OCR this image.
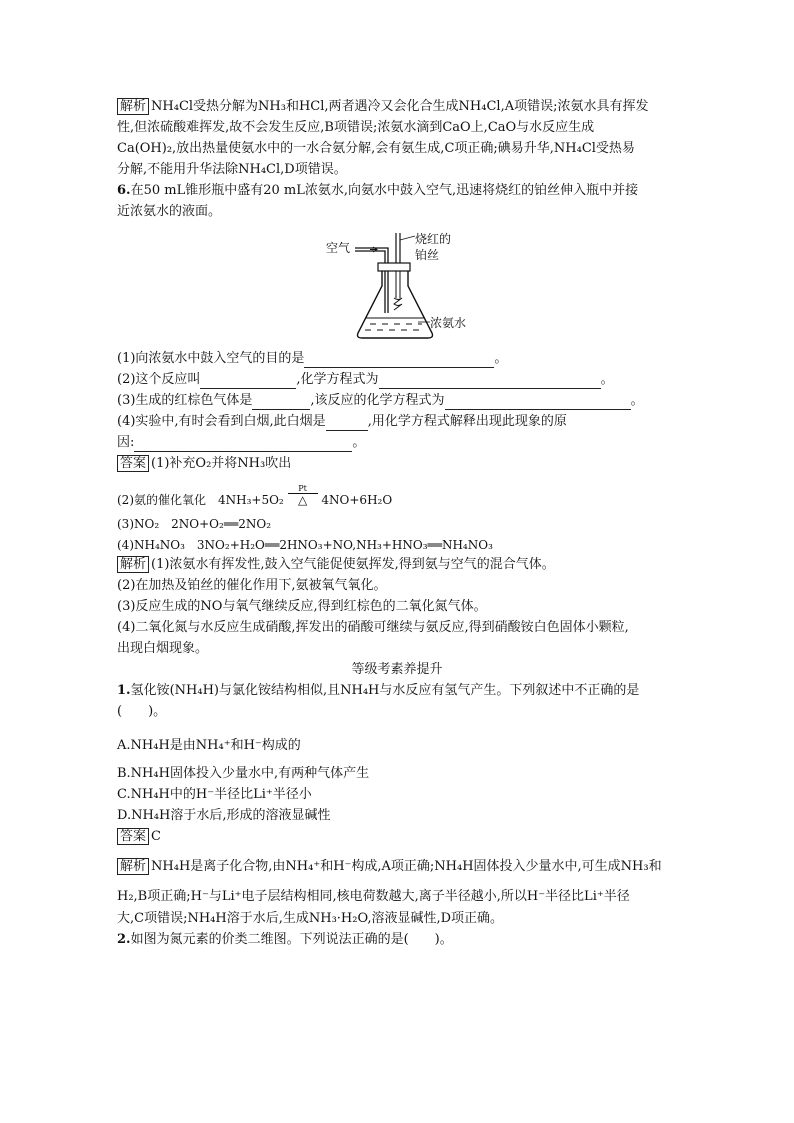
解析 NH₄Cl受热分解为NH₃和HCl,两者遇冷又会化合生成NH₄Cl,A项错误;浓氨水具有挥发
性,但浓硫酸难挥发,故不会发生反应,B项错误;浓氨水滴到CaO上,CaO与水反应生成
Ca(OH)₂,放出热量使氨水中的一水合氨分解,会有氨生成,C项正确;碘易升华,NH₄Cl受热易
分解,不能用升华法除NH₄Cl,D项错误。
6.在50 mL锥形瓶中盛有20 mL浓氨水,向氨水中鼓入空气,迅速将烧红的铂丝伸入瓶中并接
近浓氨水的液面。
空气
烧红的
铂丝
浓氨水
(1)向浓氨水中鼓入空气的目的是	。
(2)这个反应叫	,化学方程式为	。
(3)生成的红棕色气体是	,该反应的化学方程式为	。
(4)实验中,有时会看到白烟,此白烟是	,用化学方程式解释出现此现象的原
因:	。
答案 (1)补充O₂并将NH₃吹出
(2)氨的催化氧化　4NH₃+5O₂
Pt
△	4NO+6H₂O
(3)NO₂　2NO+O₂══2NO₂
(4)NH₄NO₃　3NO₂+H₂O══2HNO₃+NO,NH₃+HNO₃══NH₄NO₃
解析 (1)浓氨水有挥发性,鼓入空气能促使氨挥发,得到氨与空气的混合气体。
(2)在加热及铂丝的催化作用下,氨被氧气氧化。
(3)反应生成的NO与氧气继续反应,得到红棕色的二氧化氮气体。
(4)二氧化氮与水反应生成硝酸,挥发出的硝酸可继续与氨反应,得到硝酸铵白色固体小颗粒,
出现白烟现象。
等级考素养提升
1.氢化铵(NH₄H)与氯化铵结构相似,且NH₄H与水反应有氢气产生。下列叙述中不正确的是
(　　)。
A.NH₄H是由NH₄⁺和H⁻构成的
B.NH₄H固体投入少量水中,有两种气体产生
C.NH₄H中的H⁻半径比Li⁺半径小
D.NH₄H溶于水后,形成的溶液显碱性
答案 C
解析 NH₄H是离子化合物,由NH₄⁺和H⁻构成,A项正确;NH₄H固体投入少量水中,可生成NH₃和
H₂,B项正确;H⁻与Li⁺电子层结构相同,核电荷数越大,离子半径越小,所以H⁻半径比Li⁺半径
大,C项错误;NH₄H溶于水后,生成NH₃·H₂O,溶液显碱性,D项正确。
2.如图为氮元素的价类二维图。下列说法正确的是(　　)。
